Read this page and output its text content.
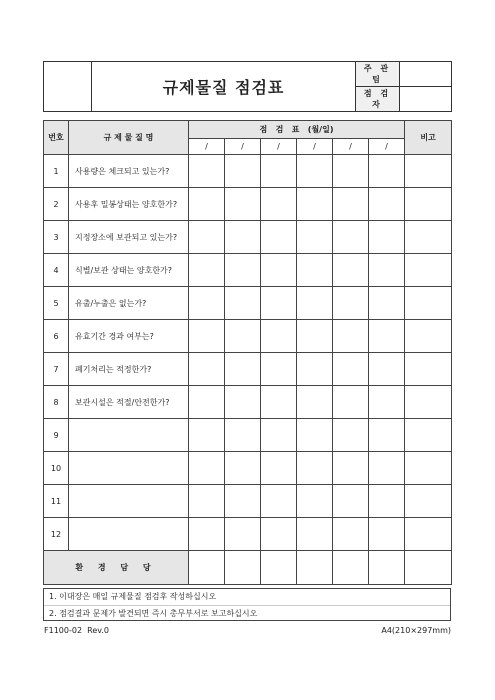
	규제물질 점검표	주 관 팀	
		점 검 자	
번호	규 제 물 질 명	점   검   표   (월/일)						비고
		/	/	/	/	/	/	
1	사용량은 체크되고 있는가?							
2	사용후 밀봉상태는 양호한가?							
3	지정장소에 보관되고 있는가?							
4	식별/보관 상태는 양호한가?							
5	유출/누출은 없는가?							
6	유효기간 경과 여부는?							
7	폐기처리는 적정한가?							
8	보관시설은 적절/안전한가?							
9								
10								
11								
12								
환 경 담 당								
1. 이대장은 매일 규제물질 점검후 작성하십시오
2. 점검결과 문제가 발견되면 즉시 총무부서로 보고하십시오
F1100-02  Rev.0	A4(210×297mm)
